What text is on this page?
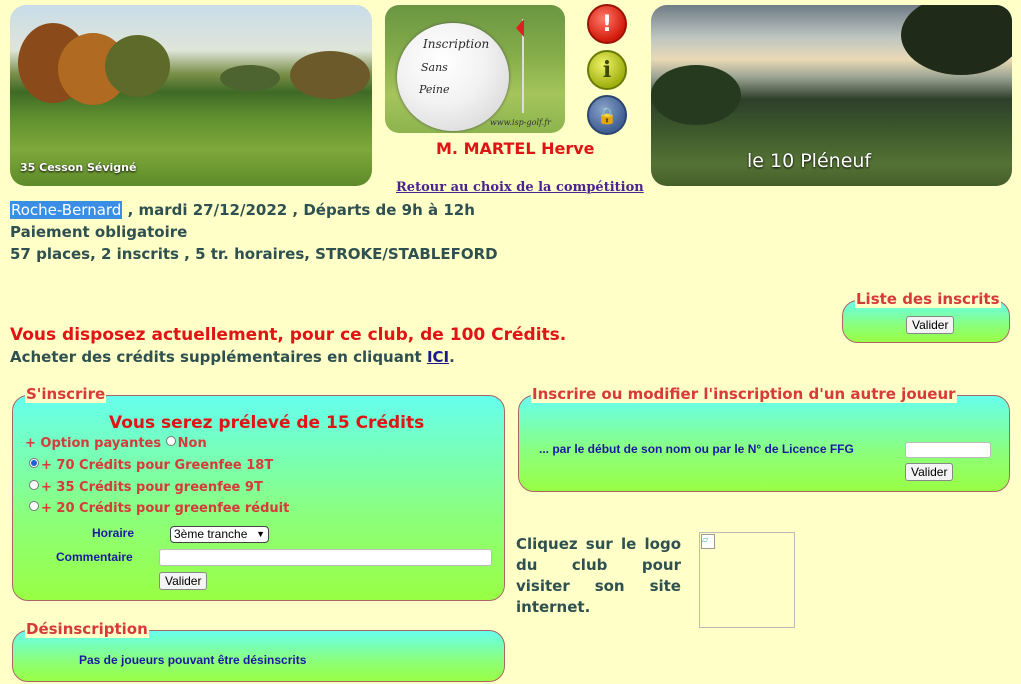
35 Cesson Sévigné
Inscription
Sans
Peine
www.isp-golf.fr
!
i
🔒
le 10 Pléneuf
M. MARTEL Herve
Retour au choix de la compétition
Roche-Bernard , mardi 27/12/2022 , Départs de 9h à 12h
Paiement obligatoire
57 places, 2 inscrits , 5 tr. horaires, STROKE/STABLEFORD
Liste des inscrits
Valider
Vous disposez actuellement, pour ce club, de 100 Crédits.
Acheter des crédits supplémentaires en cliquant ICI.
S'inscrire
Vous serez prélevé de 15 Crédits
+ Option payantes Non
+ 70 Crédits pour Greenfee 18T
+ 35 Crédits pour greenfee 9T
+ 20 Crédits pour greenfee réduit
Horaire	3ème tranche ▼
Commentaire
Valider
Inscrire ou modifier l'inscription d'un autre joueur
... par le début de son nom ou par le N° de Licence FFG
Valider
Cliquez sur le logo du club pour visiter son site internet.
▱
Désinscription
Pas de joueurs pouvant être désinscrits
